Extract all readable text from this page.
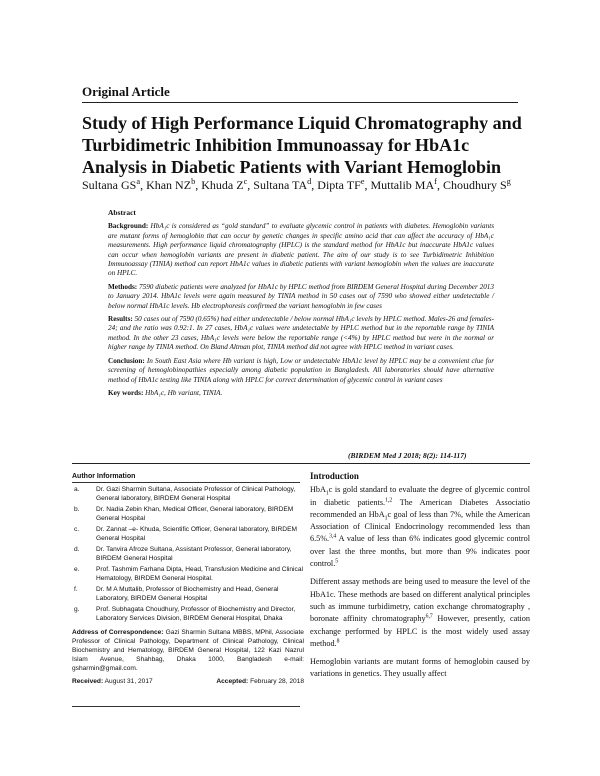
Original Article
Study of High Performance Liquid Chromatography and Turbidimetric Inhibition Immunoassay for HbA1c Analysis in Diabetic Patients with Variant Hemoglobin
Sultana $GS^a$, Khan $NZ^b$, Khuda $Z^c$, Sultana $TA^d$, Dipta $TF^e$, Muttalib $MA^f$, Choudhury $S^g$
Abstract

Background: HbA₁c is considered as “gold standard” to evaluate glycemic control in patients with diabetes. Hemoglobin variants are mutant forms of hemoglobin that can occur by genetic changes in specific amino acid that can affect the accuracy of HbA₁c measurements. High performance liquid chromatography (HPLC) is the standard method for HbA1c but inaccurate HbA1c values can occur when hemoglobin variants are present in diabetic patient. The aim of our study is to see Turbidimetric Inhibition Immunoassay (TINIA) method can report HbA1c values in diabetic patients with variant hemoglobin when the values are inaccurate on HPLC.

Methods: 7590 diabetic patients were analyzed for HbA1c by HPLC method from BIRDEM General Hospital during December 2013 to January 2014. HbA1c levels were again measured by TINIA method in 50 cases out of 7590 who showed either undetectable / below normal HbA1c levels. Hb electrophoresis confirmed the variant hemoglobin in few cases

Results: 50 cases out of 7590 (0.65%) had either undetectable / below normal HbA₁c levels by HPLC method. Males-26 and females-24; and the ratio was 0.92:1. In 27 cases, HbA₁c values were undetectable by HPLC method but in the reportable range by TINIA method. In the other 23 cases, HbA₁c levels were below the reportable range (<4%) by HPLC method but were in the normal or higher range by TINIA method. On Bland Altman plot, TINIA method did not agree with HPLC method in variant cases.

Conclusion: In South East Asia where Hb variant is high, Low or undetectable HbA1c level by HPLC may be a convenient clue for screening of hemoglobinopathies especially among diabetic population in Bangladesh. All laboratories should have alternative method of HbA1c testing like TINIA along with HPLC for correct determination of glycemic control in variant cases

Key words: HbA₁c, Hb variant, TINIA.

(BIRDEM Med J 2018; 8(2): 114-117)
Author Information
a.	Dr. Gazi Sharmin Sultana, Associate Professor of Clinical Pathology, General laboratory, BIRDEM General Hospital
b.	Dr. Nadia Zebin Khan, Medical Officer, General laboratory, BIRDEM General Hospital
c.	Dr. Zannat –e- Khuda, Scientific Officer, General laboratory, BIRDEM General Hospital
d.	Dr. Tanvira Afroze Sultana, Assistant Professor, General laboratory, BIRDEM General Hospital
e.	Prof. Tashmim Farhana Dipta, Head, Transfusion Medicine and Clinical Hematology, BIRDEM General Hospital.
f.	Dr. M A Muttalib, Professor of Biochemistry and Head, General Laboratory, BIRDEM General Hospital
g.	Prof. Subhagata Choudhury, Professor of Biochemistry and Director, Laboratory Services Division, BIRDEM General Hospital, Dhaka
Address of Correspondence: Gazi Sharmin Sultana MBBS, MPhil, Associate Professor of Clinical Pathology, Department of Clinical Pathology, Clinical Biochemistry and Hematology, BIRDEM General Hospital, 122 Kazi Nazrul Islam Avenue, Shahbag, Dhaka 1000, Bangladesh e-mail: gsharmin@gmail.com.
Received: August 31, 2017	Accepted: February 28, 2018
Introduction

HbA$_1$c is gold standard to evaluate the degree of glycemic control in diabetic patients.$^{1,2}$ The American Diabetes Associatio recommended an HbA$_1$c goal of less than 7%, while the American Association of Clinical Endocrinology recommended less than 6.5%.$^{3,4}$ A value of less than 6% indicates good glycemic control over last the three months, but more than 9% indicates poor control.$^5$

Different assay methods are being used to measure the level of the HbA1c. These methods are based on different analytical principles such as immune turbidimetry, cation exchange chromatography , boronate affinity chromatography$^{6,7}$ However, presently, cation exchange performed by HPLC is the most widely used assay method.$^8$

Hemoglobin variants are mutant forms of hemoglobin caused by variations in genetics. They usually affect
